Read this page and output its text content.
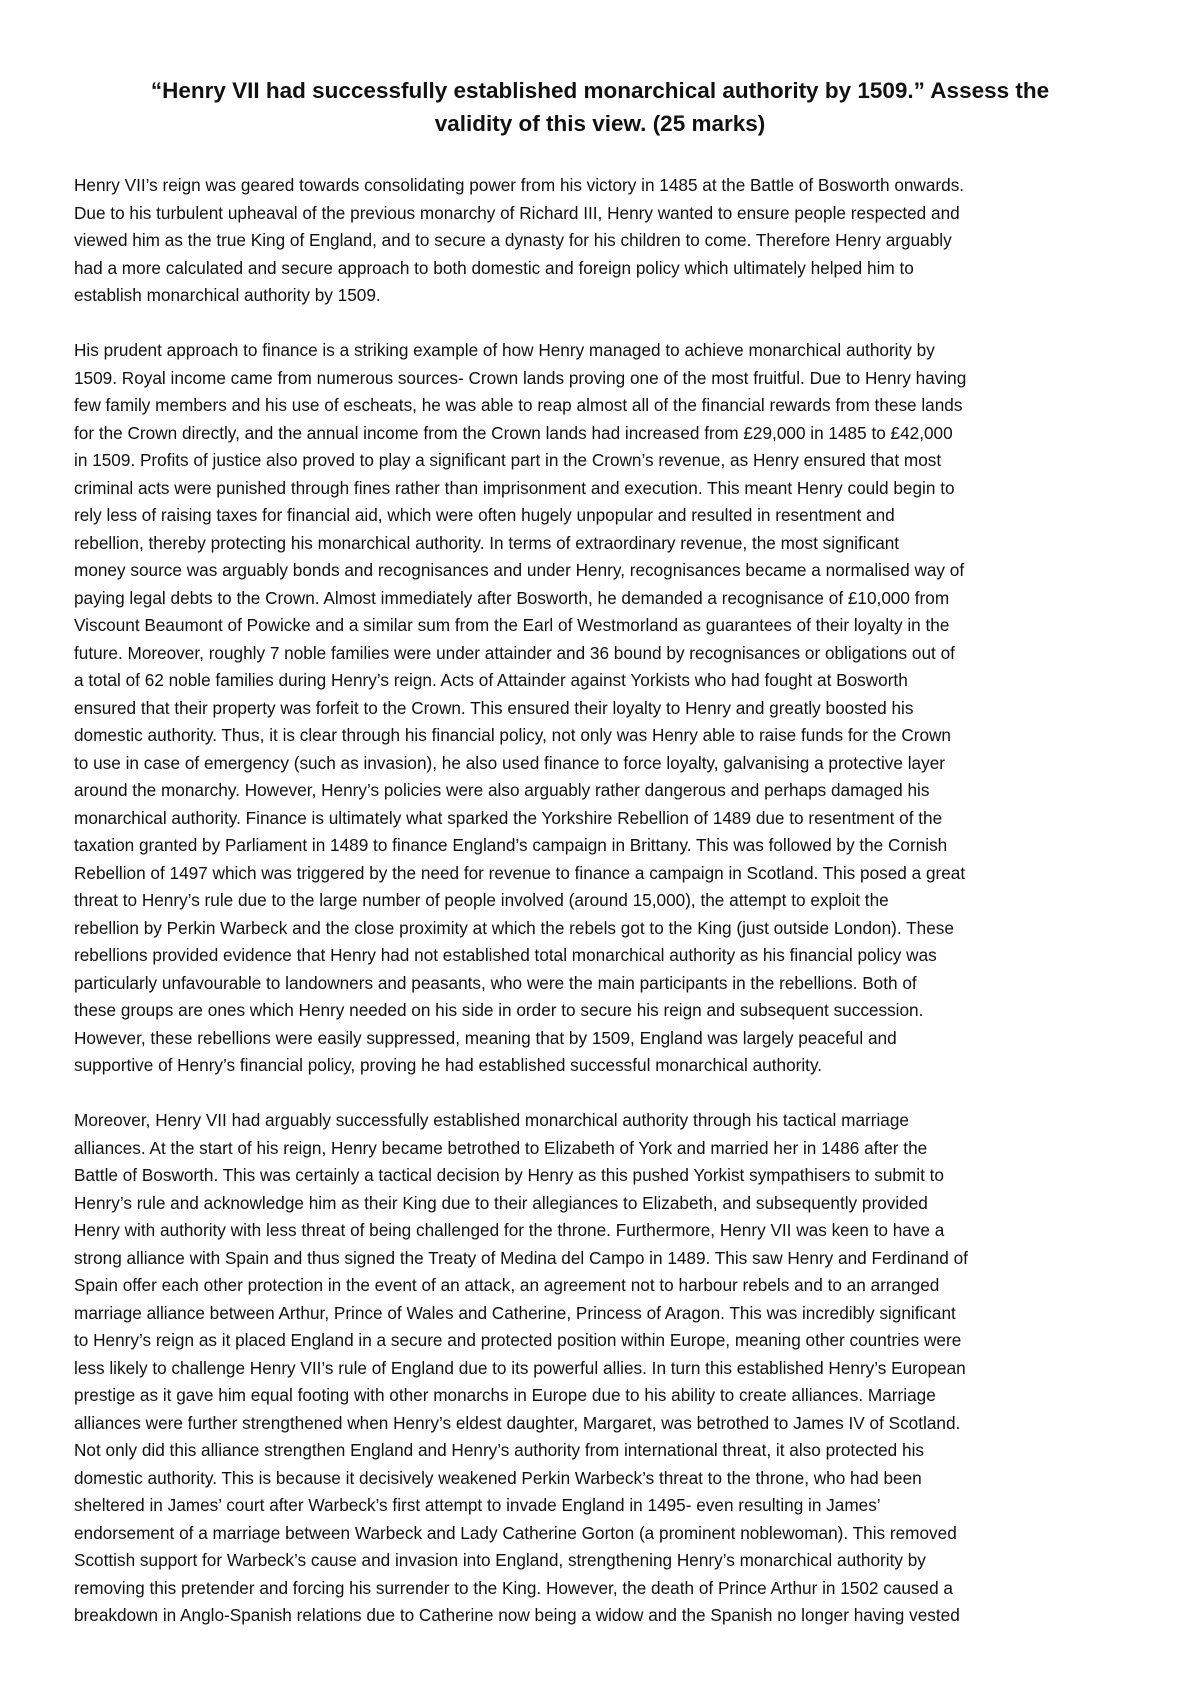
“Henry VII had successfully established monarchical authority by 1509.” Assess the
validity of this view. (25 marks)

Henry VII’s reign was geared towards consolidating power from his victory in 1485 at the Battle of Bosworth onwards.
Due to his turbulent upheaval of the previous monarchy of Richard III, Henry wanted to ensure people respected and
viewed him as the true King of England, and to secure a dynasty for his children to come. Therefore Henry arguably
had a more calculated and secure approach to both domestic and foreign policy which ultimately helped him to
establish monarchical authority by 1509.

His prudent approach to finance is a striking example of how Henry managed to achieve monarchical authority by
1509. Royal income came from numerous sources- Crown lands proving one of the most fruitful. Due to Henry having
few family members and his use of escheats, he was able to reap almost all of the financial rewards from these lands
for the Crown directly, and the annual income from the Crown lands had increased from £29,000 in 1485 to £42,000
in 1509. Profits of justice also proved to play a significant part in the Crown’s revenue, as Henry ensured that most
criminal acts were punished through fines rather than imprisonment and execution. This meant Henry could begin to
rely less of raising taxes for financial aid, which were often hugely unpopular and resulted in resentment and
rebellion, thereby protecting his monarchical authority. In terms of extraordinary revenue, the most significant
money source was arguably bonds and recognisances and under Henry, recognisances became a normalised way of
paying legal debts to the Crown. Almost immediately after Bosworth, he demanded a recognisance of £10,000 from
Viscount Beaumont of Powicke and a similar sum from the Earl of Westmorland as guarantees of their loyalty in the
future. Moreover, roughly 7 noble families were under attainder and 36 bound by recognisances or obligations out of
a total of 62 noble families during Henry’s reign. Acts of Attainder against Yorkists who had fought at Bosworth
ensured that their property was forfeit to the Crown. This ensured their loyalty to Henry and greatly boosted his
domestic authority. Thus, it is clear through his financial policy, not only was Henry able to raise funds for the Crown
to use in case of emergency (such as invasion), he also used finance to force loyalty, galvanising a protective layer
around the monarchy. However, Henry’s policies were also arguably rather dangerous and perhaps damaged his
monarchical authority. Finance is ultimately what sparked the Yorkshire Rebellion of 1489 due to resentment of the
taxation granted by Parliament in 1489 to finance England’s campaign in Brittany. This was followed by the Cornish
Rebellion of 1497 which was triggered by the need for revenue to finance a campaign in Scotland. This posed a great
threat to Henry’s rule due to the large number of people involved (around 15,000), the attempt to exploit the
rebellion by Perkin Warbeck and the close proximity at which the rebels got to the King (just outside London). These
rebellions provided evidence that Henry had not established total monarchical authority as his financial policy was
particularly unfavourable to landowners and peasants, who were the main participants in the rebellions. Both of
these groups are ones which Henry needed on his side in order to secure his reign and subsequent succession.
However, these rebellions were easily suppressed, meaning that by 1509, England was largely peaceful and
supportive of Henry’s financial policy, proving he had established successful monarchical authority.

Moreover, Henry VII had arguably successfully established monarchical authority through his tactical marriage
alliances. At the start of his reign, Henry became betrothed to Elizabeth of York and married her in 1486 after the
Battle of Bosworth. This was certainly a tactical decision by Henry as this pushed Yorkist sympathisers to submit to
Henry’s rule and acknowledge him as their King due to their allegiances to Elizabeth, and subsequently provided
Henry with authority with less threat of being challenged for the throne. Furthermore, Henry VII was keen to have a
strong alliance with Spain and thus signed the Treaty of Medina del Campo in 1489. This saw Henry and Ferdinand of
Spain offer each other protection in the event of an attack, an agreement not to harbour rebels and to an arranged
marriage alliance between Arthur, Prince of Wales and Catherine, Princess of Aragon. This was incredibly significant
to Henry’s reign as it placed England in a secure and protected position within Europe, meaning other countries were
less likely to challenge Henry VII’s rule of England due to its powerful allies. In turn this established Henry’s European
prestige as it gave him equal footing with other monarchs in Europe due to his ability to create alliances. Marriage
alliances were further strengthened when Henry’s eldest daughter, Margaret, was betrothed to James IV of Scotland.
Not only did this alliance strengthen England and Henry’s authority from international threat, it also protected his
domestic authority. This is because it decisively weakened Perkin Warbeck’s threat to the throne, who had been
sheltered in James’ court after Warbeck’s first attempt to invade England in 1495- even resulting in James’
endorsement of a marriage between Warbeck and Lady Catherine Gorton (a prominent noblewoman). This removed
Scottish support for Warbeck’s cause and invasion into England, strengthening Henry’s monarchical authority by
removing this pretender and forcing his surrender to the King. However, the death of Prince Arthur in 1502 caused a
breakdown in Anglo-Spanish relations due to Catherine now being a widow and the Spanish no longer having vested
